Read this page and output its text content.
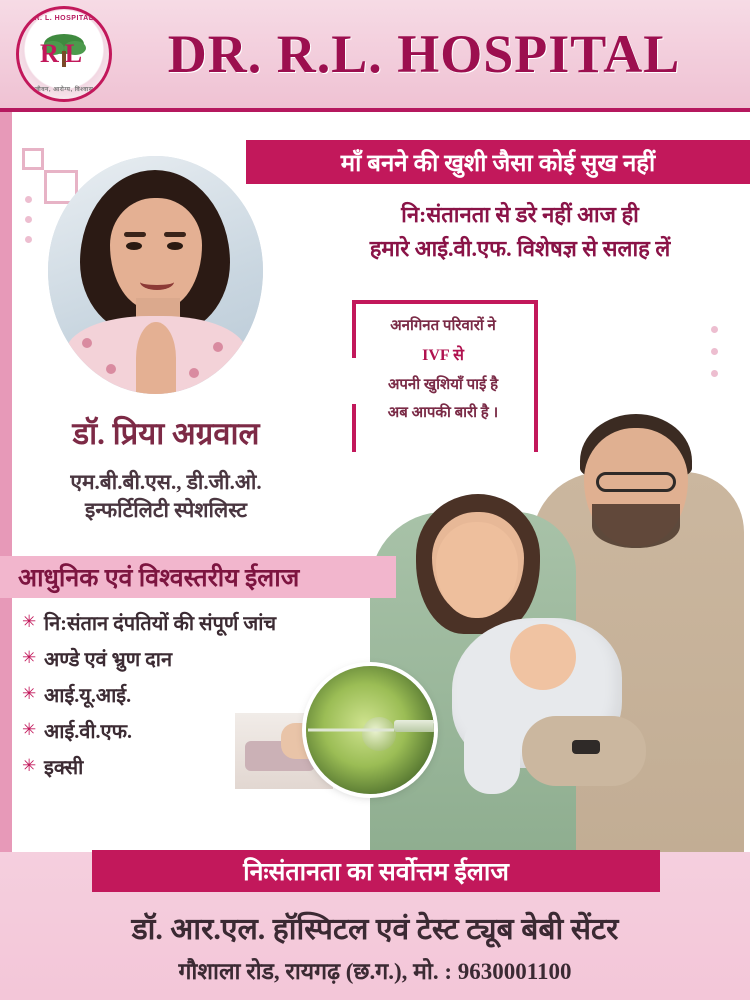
R. L. HOSPITAL
RL
जीवन, आरोग्य, विश्वास
DR. R.L. HOSPITAL
माँ बनने की खुशी जैसा कोई सुख नहीं
नि:संतानता से डरे नहीं आज ही
हमारे आई.वी.एफ. विशेषज्ञ से सलाह लें
अनगिनत परिवारों ने
IVF से
अपनी खुशियाँ पाई है
अब आपकी बारी है ।
डॉ. प्रिया अग्रवाल
एम.बी.बी.एस., डी.जी.ओ.
इन्फर्टिलिटी स्पेशलिस्ट
आधुनिक एवं विश्वस्तरीय ईलाज
✳ नि:संतान दंपतियों की संपूर्ण जांच
✳ अण्डे एवं भ्रुण दान
✳ आई.यू.आई.
✳ आई.वी.एफ.
✳ इक्सी
निःसंतानता का सर्वोत्तम ईलाज
डॉ. आर.एल. हॉस्पिटल एवं टेस्ट ट्यूब बेबी सेंटर
गौशाला रोड, रायगढ़ (छ.ग.), मो. : 9630001100
